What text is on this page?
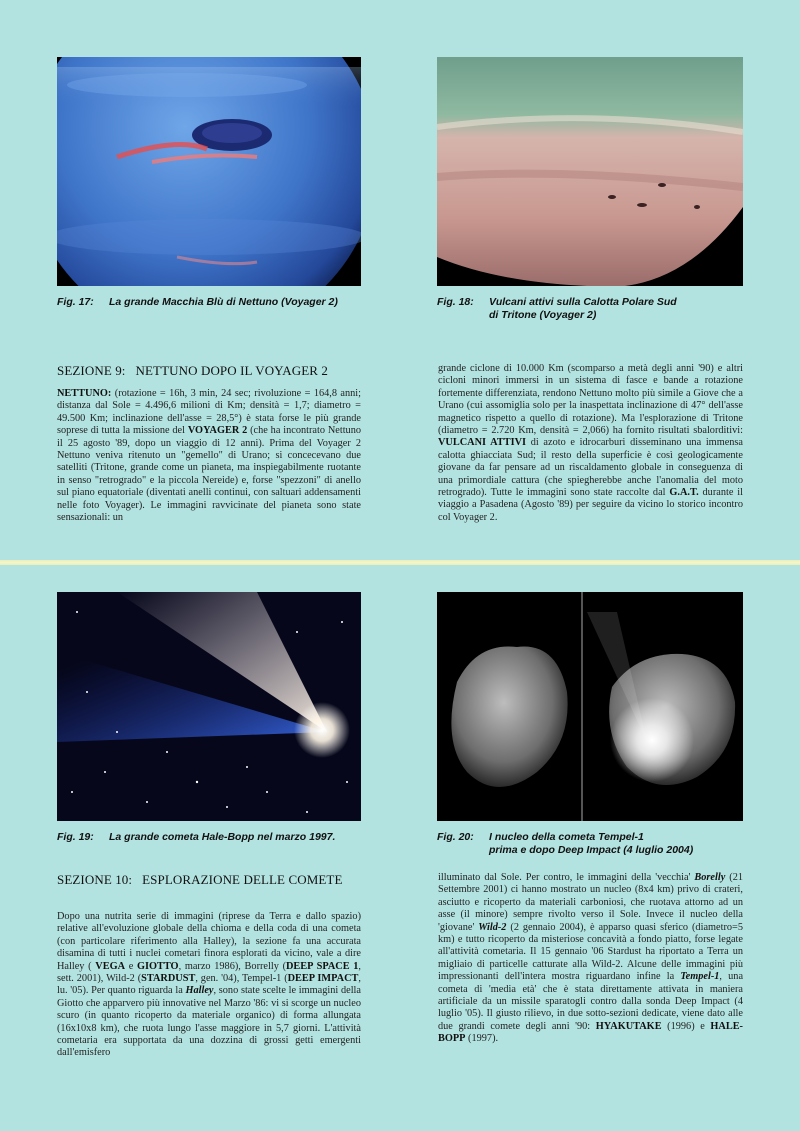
Fig. 17: La grande Macchia Blù di Nettuno (Voyager 2)	Fig. 18: Vulcani attivi sulla Calotta Polare Sud
di Tritone (Voyager 2)
SEZIONE 9: NETTUNO DOPO IL VOYAGER 2
NETTUNO: (rotazione = 16h, 3 min, 24 sec; rivoluzione = 164,8 anni; distanza dal Sole = 4.496,6 milioni di Km; densità = 1,7; diametro = 49.500 Km; inclinazione dell'asse = 28,5°) è stata forse le più grande soprese di tutta la missione del VOYAGER 2 (che ha incontrato Nettuno il 25 agosto '89, dopo un viaggio di 12 anni). Prima del Voyager 2 Nettuno veniva ritenuto un "gemello" di Urano; si concecevano due satelliti (Tritone, grande come un pianeta, ma inspiegabilmente ruotante in senso "retrogrado" e la piccola Nereide) e, forse "spezzoni" di anello sul piano equatoriale (diventati anelli continui, con saltuari addensamenti nelle foto Voyager). Le immagini ravvicinate del pianeta sono state sensazionali: un
grande ciclone di 10.000 Km (scomparso a metà degli anni '90) e altri cicloni minori immersi in un sistema di fasce e bande a rotazione fortemente differenziata, rendono Nettuno molto più simile a Giove che a Urano (cui assomiglia solo per la inaspettata inclinazione di 47° dell'asse magnetico rispetto a quello di rotazione). Ma l'esplorazione di Tritone (diametro = 2.720 Km, densità = 2,066) ha fornito risultati sbalorditivi: VULCANI ATTIVI di azoto e idrocarburi disseminano una immensa calotta ghiacciata Sud; il resto della superficie è così geologicamente giovane da far pensare ad un riscaldamento globale in conseguenza di una primordiale cattura (che spiegherebbe anche l'anomalia del moto retrogrado). Tutte le immagini sono state raccolte dal G.A.T. durante il viaggio a Pasadena (Agosto '89) per seguire da vicino lo storico incontro col Voyager 2.
Fig. 19: La grande cometa Hale-Bopp nel marzo 1997.	Fig. 20: I nucleo della cometa Tempel-1
prima e dopo Deep Impact (4 luglio 2004)
SEZIONE 10: ESPLORAZIONE DELLE COMETE
Dopo una nutrita serie di immagini (riprese da Terra e dallo spazio) relative all'evoluzione globale della chioma e della coda di una cometa (con particolare riferimento alla Halley), la sezione fa una accurata disamina di tutti i nuclei cometari finora esplorati da vicino, vale a dire Halley ( VEGA e GIOTTO, marzo 1986), Borrelly (DEEP SPACE 1, sett. 2001), Wild-2 (STARDUST, gen. '04), Tempel-1 (DEEP IMPACT, lu. '05). Per quanto riguarda la Halley, sono state scelte le immagini della Giotto che apparvero più innovative nel Marzo '86: vi si scorge un nucleo scuro (in quanto ricoperto da materiale organico) di forma allungata (16x10x8 km), che ruota lungo l'asse maggiore in 5,7 giorni. L'attività cometaria era supportata da una dozzina di grossi getti emergenti dall'emisfero
illuminato dal Sole. Per contro, le immagini della 'vecchia' Borelly (21 Settembre 2001) ci hanno mostrato un nucleo (8x4 km) privo di crateri, asciutto e ricoperto da materiali carboniosi, che ruotava attorno ad un asse (il minore) sempre rivolto verso il Sole. Invece il nucleo della 'giovane' Wild-2 (2 gennaio 2004), è apparso quasi sferico (diametro=5 km) e tutto ricoperto da misteriose concavità a fondo piatto, forse legate all'attività cometaria. Il 15 gennaio '06 Stardust ha riportato a Terra un migliaio di particelle catturate alla Wild-2. Alcune delle immagini più impressionanti dell'intera mostra riguardano infine la Tempel-1, una cometa di 'media età' che è stata direttamente attivata in maniera artificiale da un missile sparatogli contro dalla sonda Deep Impact (4 luglio '05). Il giusto rilievo, in due sotto-sezioni dedicate, viene dato alle due grandi comete degli anni '90: HYAKUTAKE (1996) e HALE-BOPP (1997).
